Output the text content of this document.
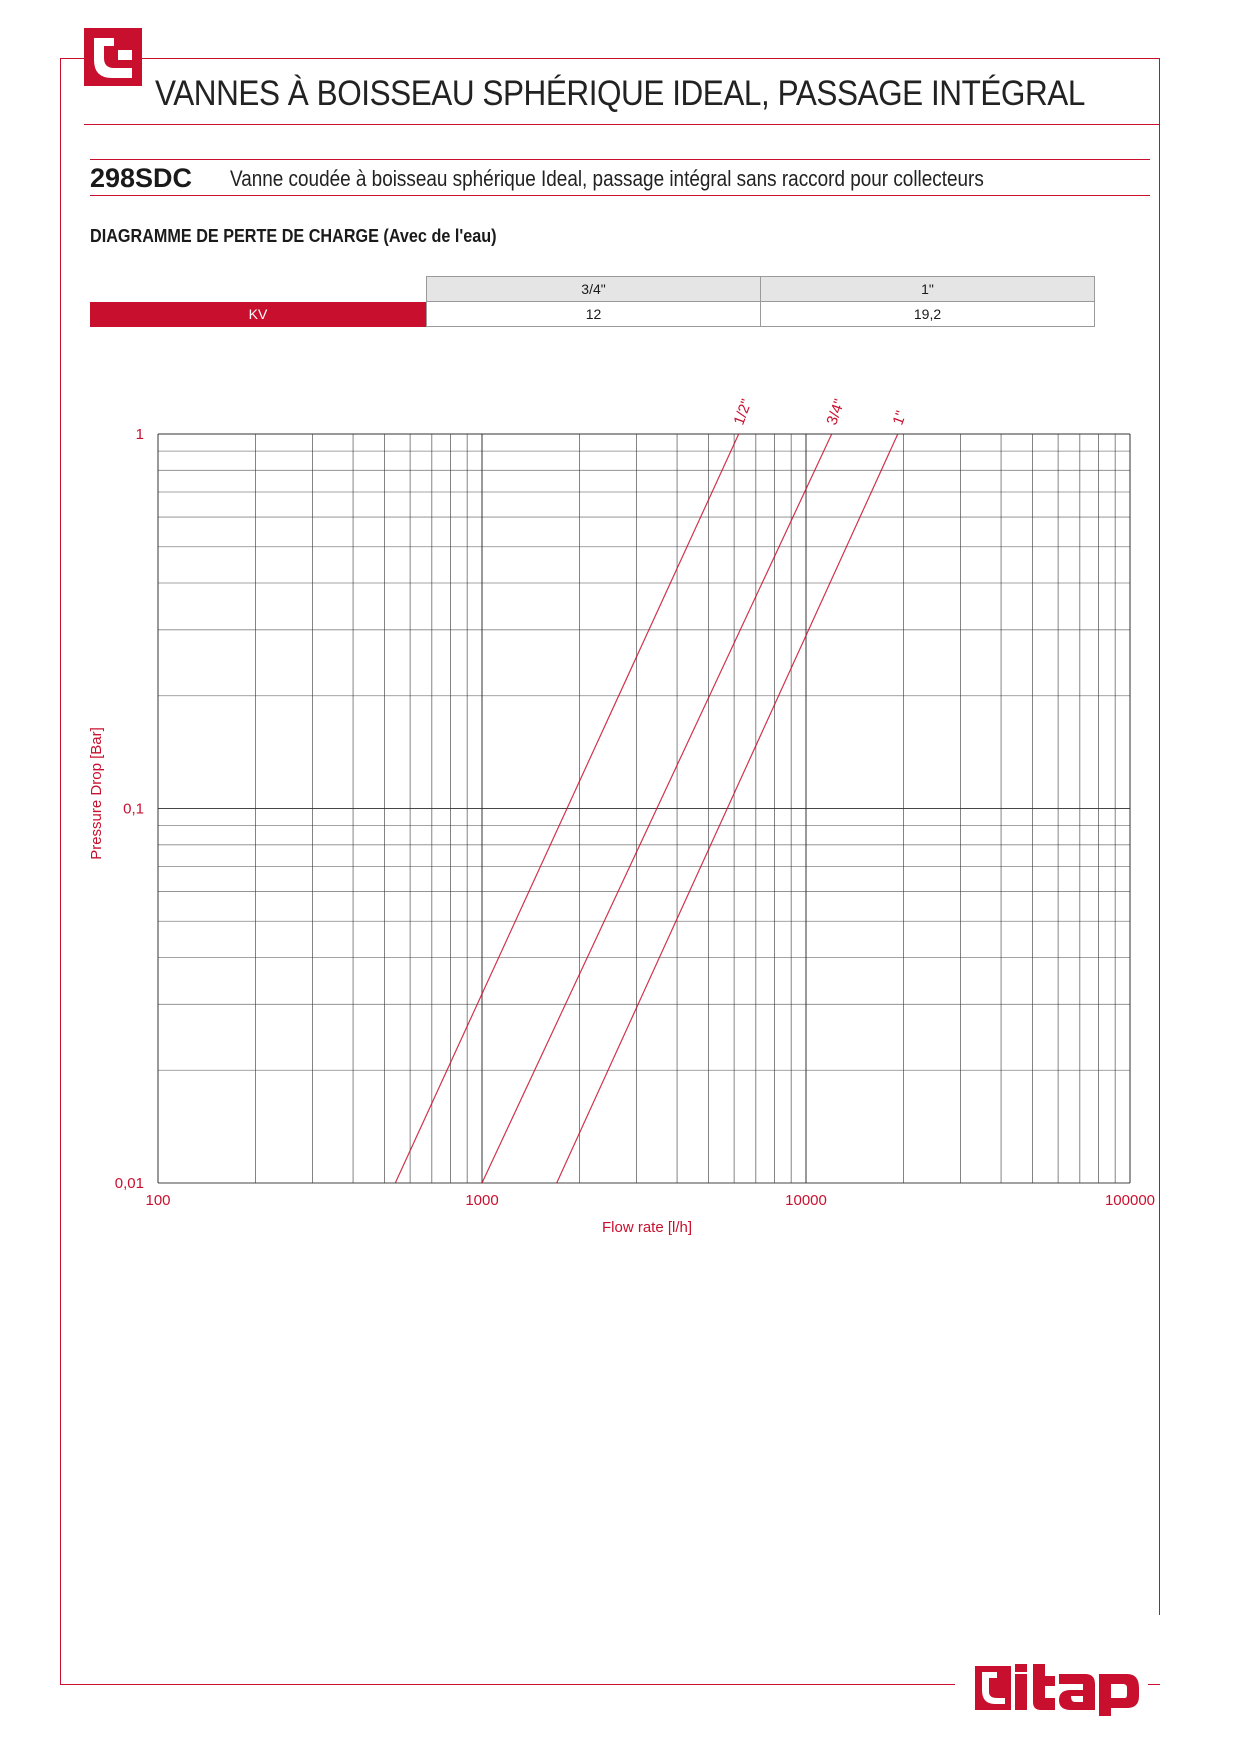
VANNES À BOISSEAU SPHÉRIQUE IDEAL, PASSAGE INTÉGRAL
298SDC Vanne coudée à boisseau sphérique Ideal, passage intégral sans raccord pour collecteurs
DIAGRAMME DE PERTE DE CHARGE (Avec de l'eau)
	3/4"	1"
KV	12	19,2
1/2"	3/4"	1"
100	1000	10000	100000
0,01
0,1
1
Flow rate [l/h]
Pressure Drop [Bar]
